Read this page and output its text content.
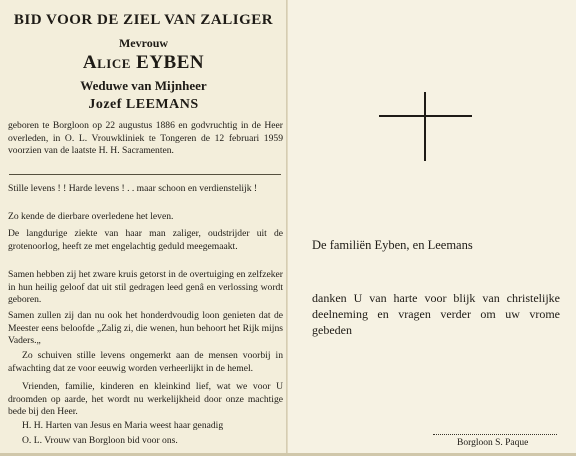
BID VOOR DE ZIEL VAN ZALIGER
Mevrouw
Alice EYBEN
Weduwe van Mijnheer
Jozef LEEMANS
geboren te Borgloon op 22 augustus 1886 en godvruchtig in de Heer overleden, in O. L. Vrouwkliniek te Tongeren de 12 februari 1959 voorzien van de laatste H. H. Sacramenten.
Stille levens ! ! Harde levens ! . . maar schoon en verdienstelijk !
Zo kende de dierbare overledene het leven.
De langdurige ziekte van haar man zaliger, oudstrijder uit de grotenoorlog, heeft ze met engelachtig geduld meegemaakt.
Samen hebben zij het zware kruis getorst in de overtuiging en zelfzeker in hun heilig geloof dat uit stil gedragen leed genâ en verlossing wordt geboren.
Samen zullen zij dan nu ook het honderdvoudig loon genieten dat de Meester eens beloofde „Zalig zi, die wenen, hun behoort het Rijk mijns Vaders.„
Zo schuiven stille levens ongemerkt aan de mensen voorbij in afwachting dat ze voor eeuwig worden verheerlijkt in de hemel.
Vrienden, familie, kinderen en kleinkind lief, wat we voor U droomden op aarde, het wordt nu werkelijkheid door onze machtige bede bij den Heer.
H. H. Harten van Jesus en Maria weest haar genadig
O. L. Vrouw van Borgloon bid voor ons.
De familiën Eyben, en Leemans
danken U van harte voor blijk van christelijke deelneming en vragen verder om uw vrome gebeden
Borgloon S. Paque
